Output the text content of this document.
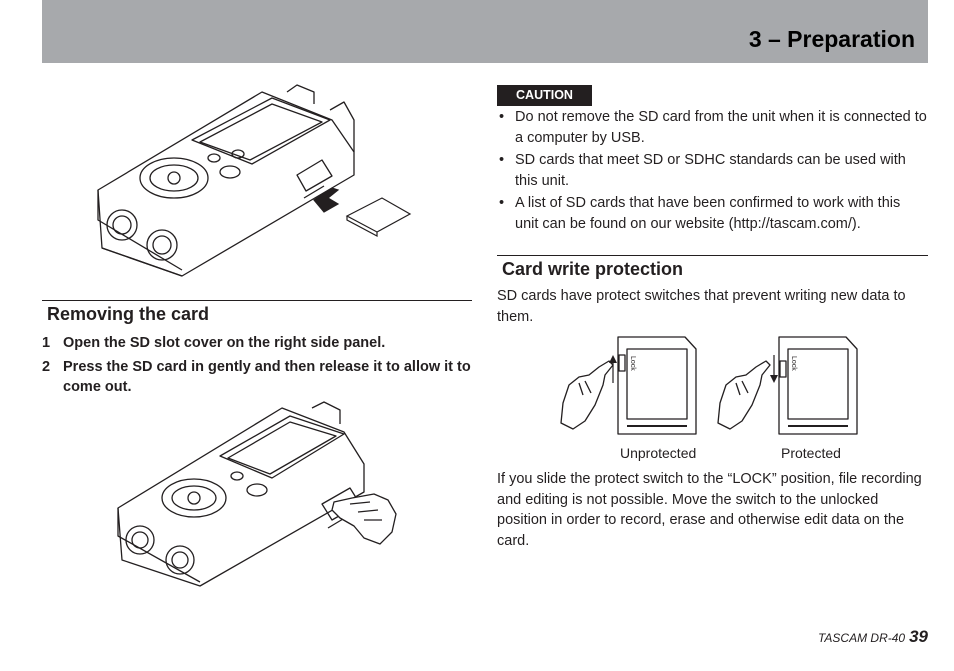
3 – Preparation
Removing the card
1 Open the SD slot cover on the right side panel.
2 Press the SD card in gently and then release it to allow it to come out.
CAUTION
• Do not remove the SD card from the unit when it is connected to a computer by USB.
• SD cards that meet SD or SDHC standards can be used with this unit.
• A list of SD cards that have been confirmed to work with this unit can be found on our website (http://tascam.com/).
Card write protection
SD cards have protect switches that prevent writing new data to them.
Lock	Lock
Unprotected	Protected
If you slide the protect switch to the “LOCK” position, file recording and editing is not possible. Move the switch to the unlocked position in order to record, erase and otherwise edit data on the card.
TASCAM DR-40 39
